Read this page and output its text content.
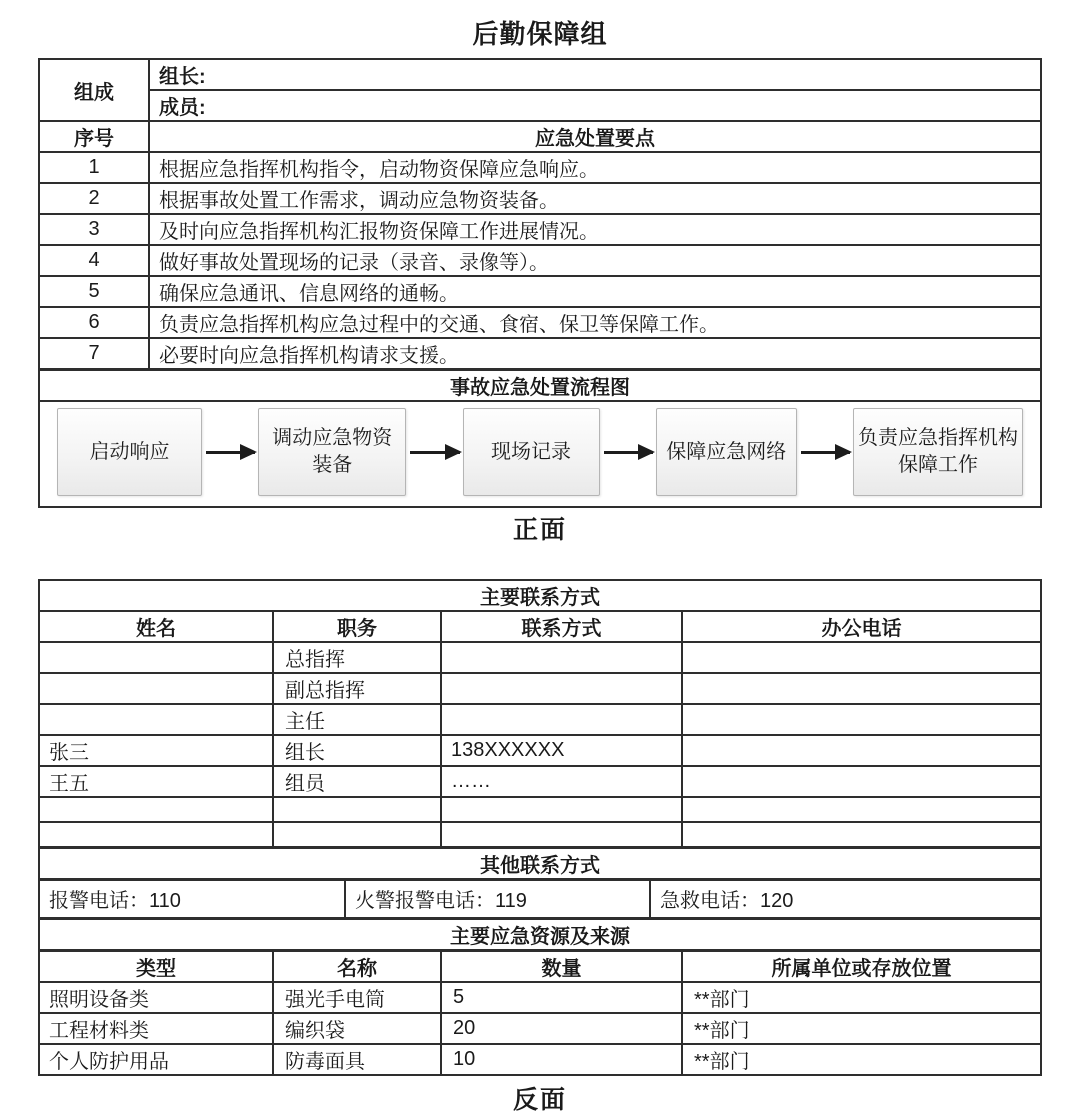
后勤保障组
组成	组长:
	成员:
序号	应急处置要点
1	根据应急指挥机构指令，启动物资保障应急响应。
2	根据事故处置工作需求，调动应急物资装备。
3	及时向应急指挥机构汇报物资保障工作进展情况。
4	做好事故处置现场的记录（录音、录像等）。
5	确保应急通讯、信息网络的通畅。
6	负责应急指挥机构应急过程中的交通、食宿、保卫等保障工作。
7	必要时向应急指挥机构请求支援。
事故应急处置流程图	

启动响应
调动应急物资
装备
现场记录	保障应急网络
负责应急指挥机构
保障工作
正面
主要联系方式			
姓名	职务	联系方式	办公电话
	总指挥		
	副总指挥		
	主任		
张三	组长	138XXXXXX	
王五	组员	……	

其他联系方式			

报警电话：110 火警报警电话：119 急救电话：120			

主要应急资源及来源			
类型	名称	数量	所属单位或存放位置
照明设备类	强光手电筒	5	**部门
工程材料类	编织袋	20	**部门
个人防护用品	防毒面具	10	**部门
反面
